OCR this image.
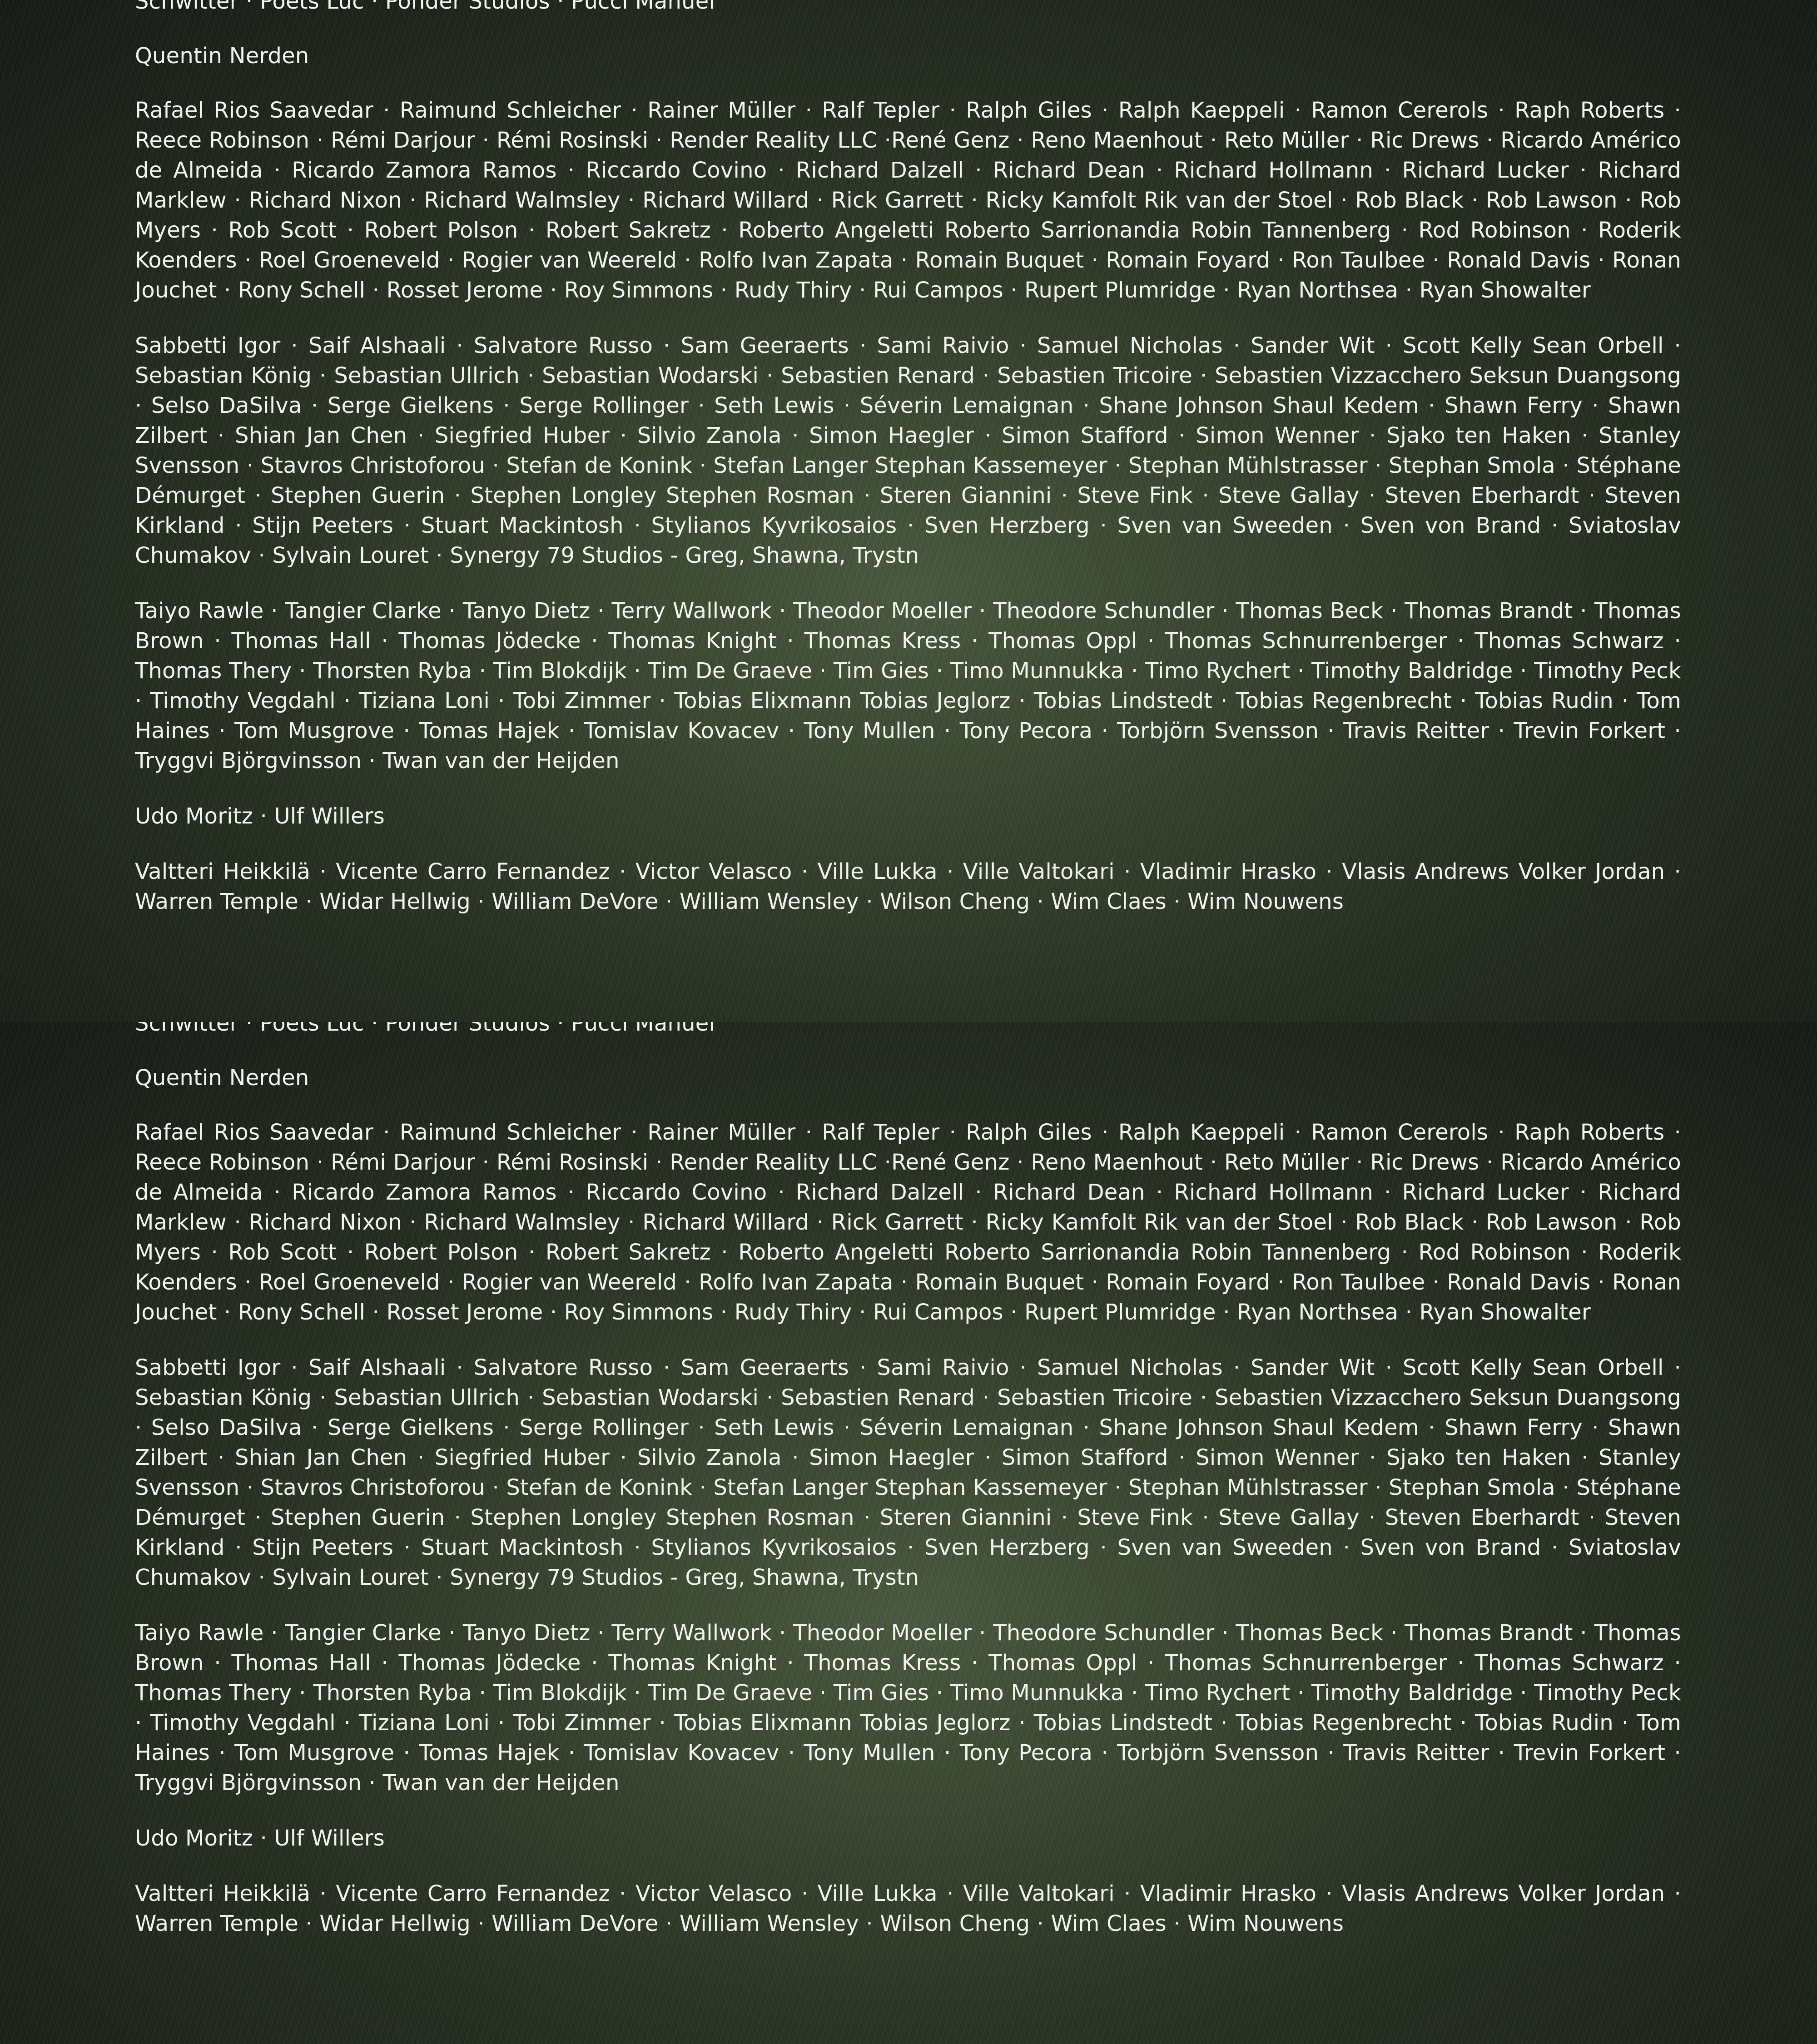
Schwitter · Poets Luc · Ponder Studios · Pucci Manuel

Quentin Nerden

Rafael Rios Saavedar · Raimund Schleicher · Rainer Müller · Ralf Tepler · Ralph Giles · Ralph Kaeppeli · Ramon Cererols · Raph Roberts · Reece Robinson · Rémi Darjour · Rémi Rosinski · Render Reality LLC ·René Genz · Reno Maenhout · Reto Müller · Ric Drews · Ricardo Américo de Almeida · Ricardo Zamora Ramos · Riccardo Covino · Richard Dalzell · Richard Dean · Richard Hollmann · Richard Lucker · Richard Marklew · Richard Nixon · Richard Walmsley · Richard Willard · Rick Garrett · Ricky Kamfolt Rik van der Stoel · Rob Black · Rob Lawson · Rob Myers · Rob Scott · Robert Polson · Robert Sakretz · Roberto Angeletti Roberto Sarrionandia Robin Tannenberg · Rod Robinson · Roderik Koenders · Roel Groeneveld · Rogier van Weereld · Rolfo Ivan Zapata · Romain Buquet · Romain Foyard · Ron Taulbee · Ronald Davis · Ronan Jouchet · Rony Schell · Rosset Jerome · Roy Simmons · Rudy Thiry · Rui Campos · Rupert Plumridge · Ryan Northsea · Ryan Showalter

Sabbetti Igor · Saif Alshaali · Salvatore Russo · Sam Geeraerts · Sami Raivio · Samuel Nicholas · Sander Wit · Scott Kelly Sean Orbell · Sebastian König · Sebastian Ullrich · Sebastian Wodarski · Sebastien Renard · Sebastien Tricoire · Sebastien Vizzacchero Seksun Duangsong · Selso DaSilva · Serge Gielkens · Serge Rollinger · Seth Lewis · Séverin Lemaignan · Shane Johnson Shaul Kedem · Shawn Ferry · Shawn Zilbert · Shian Jan Chen · Siegfried Huber · Silvio Zanola · Simon Haegler · Simon Stafford · Simon Wenner · Sjako ten Haken · Stanley Svensson · Stavros Christoforou · Stefan de Konink · Stefan Langer Stephan Kassemeyer · Stephan Mühlstrasser · Stephan Smola · Stéphane Démurget · Stephen Guerin · Stephen Longley Stephen Rosman · Steren Giannini · Steve Fink · Steve Gallay · Steven Eberhardt · Steven Kirkland · Stijn Peeters · Stuart Mackintosh · Stylianos Kyvrikosaios · Sven Herzberg · Sven van Sweeden · Sven von Brand · Sviatoslav Chumakov · Sylvain Louret · Synergy 79 Studios - Greg, Shawna, Trystn

Taiyo Rawle · Tangier Clarke · Tanyo Dietz · Terry Wallwork · Theodor Moeller · Theodore Schundler · Thomas Beck · Thomas Brandt · Thomas Brown · Thomas Hall · Thomas Jödecke · Thomas Knight · Thomas Kress · Thomas Oppl · Thomas Schnurrenberger · Thomas Schwarz · Thomas Thery · Thorsten Ryba · Tim Blokdijk · Tim De Graeve · Tim Gies · Timo Munnukka · Timo Rychert · Timothy Baldridge · Timothy Peck · Timothy Vegdahl · Tiziana Loni · Tobi Zimmer · Tobias Elixmann Tobias Jeglorz · Tobias Lindstedt · Tobias Regenbrecht · Tobias Rudin · Tom Haines · Tom Musgrove · Tomas Hajek · Tomislav Kovacev · Tony Mullen · Tony Pecora · Torbjörn Svensson · Travis Reitter · Trevin Forkert · Tryggvi Björgvinsson · Twan van der Heijden

Udo Moritz · Ulf Willers

Valtteri Heikkilä · Vicente Carro Fernandez · Victor Velasco · Ville Lukka · Ville Valtokari · Vladimir Hrasko · Vlasis Andrews Volker Jordan · Warren Temple · Widar Hellwig · William DeVore · William Wensley · Wilson Cheng · Wim Claes · Wim Nouwens

Schwitter · Poets Luc · Ponder Studios · Pucci Manuel

Quentin Nerden

Rafael Rios Saavedar · Raimund Schleicher · Rainer Müller · Ralf Tepler · Ralph Giles · Ralph Kaeppeli · Ramon Cererols · Raph Roberts · Reece Robinson · Rémi Darjour · Rémi Rosinski · Render Reality LLC ·René Genz · Reno Maenhout · Reto Müller · Ric Drews · Ricardo Américo de Almeida · Ricardo Zamora Ramos · Riccardo Covino · Richard Dalzell · Richard Dean · Richard Hollmann · Richard Lucker · Richard Marklew · Richard Nixon · Richard Walmsley · Richard Willard · Rick Garrett · Ricky Kamfolt Rik van der Stoel · Rob Black · Rob Lawson · Rob Myers · Rob Scott · Robert Polson · Robert Sakretz · Roberto Angeletti Roberto Sarrionandia Robin Tannenberg · Rod Robinson · Roderik Koenders · Roel Groeneveld · Rogier van Weereld · Rolfo Ivan Zapata · Romain Buquet · Romain Foyard · Ron Taulbee · Ronald Davis · Ronan Jouchet · Rony Schell · Rosset Jerome · Roy Simmons · Rudy Thiry · Rui Campos · Rupert Plumridge · Ryan Northsea · Ryan Showalter

Sabbetti Igor · Saif Alshaali · Salvatore Russo · Sam Geeraerts · Sami Raivio · Samuel Nicholas · Sander Wit · Scott Kelly Sean Orbell · Sebastian König · Sebastian Ullrich · Sebastian Wodarski · Sebastien Renard · Sebastien Tricoire · Sebastien Vizzacchero Seksun Duangsong · Selso DaSilva · Serge Gielkens · Serge Rollinger · Seth Lewis · Séverin Lemaignan · Shane Johnson Shaul Kedem · Shawn Ferry · Shawn Zilbert · Shian Jan Chen · Siegfried Huber · Silvio Zanola · Simon Haegler · Simon Stafford · Simon Wenner · Sjako ten Haken · Stanley Svensson · Stavros Christoforou · Stefan de Konink · Stefan Langer Stephan Kassemeyer · Stephan Mühlstrasser · Stephan Smola · Stéphane Démurget · Stephen Guerin · Stephen Longley Stephen Rosman · Steren Giannini · Steve Fink · Steve Gallay · Steven Eberhardt · Steven Kirkland · Stijn Peeters · Stuart Mackintosh · Stylianos Kyvrikosaios · Sven Herzberg · Sven van Sweeden · Sven von Brand · Sviatoslav Chumakov · Sylvain Louret · Synergy 79 Studios - Greg, Shawna, Trystn

Taiyo Rawle · Tangier Clarke · Tanyo Dietz · Terry Wallwork · Theodor Moeller · Theodore Schundler · Thomas Beck · Thomas Brandt · Thomas Brown · Thomas Hall · Thomas Jödecke · Thomas Knight · Thomas Kress · Thomas Oppl · Thomas Schnurrenberger · Thomas Schwarz · Thomas Thery · Thorsten Ryba · Tim Blokdijk · Tim De Graeve · Tim Gies · Timo Munnukka · Timo Rychert · Timothy Baldridge · Timothy Peck · Timothy Vegdahl · Tiziana Loni · Tobi Zimmer · Tobias Elixmann Tobias Jeglorz · Tobias Lindstedt · Tobias Regenbrecht · Tobias Rudin · Tom Haines · Tom Musgrove · Tomas Hajek · Tomislav Kovacev · Tony Mullen · Tony Pecora · Torbjörn Svensson · Travis Reitter · Trevin Forkert · Tryggvi Björgvinsson · Twan van der Heijden

Udo Moritz · Ulf Willers

Valtteri Heikkilä · Vicente Carro Fernandez · Victor Velasco · Ville Lukka · Ville Valtokari · Vladimir Hrasko · Vlasis Andrews Volker Jordan · Warren Temple · Widar Hellwig · William DeVore · William Wensley · Wilson Cheng · Wim Claes · Wim Nouwens
